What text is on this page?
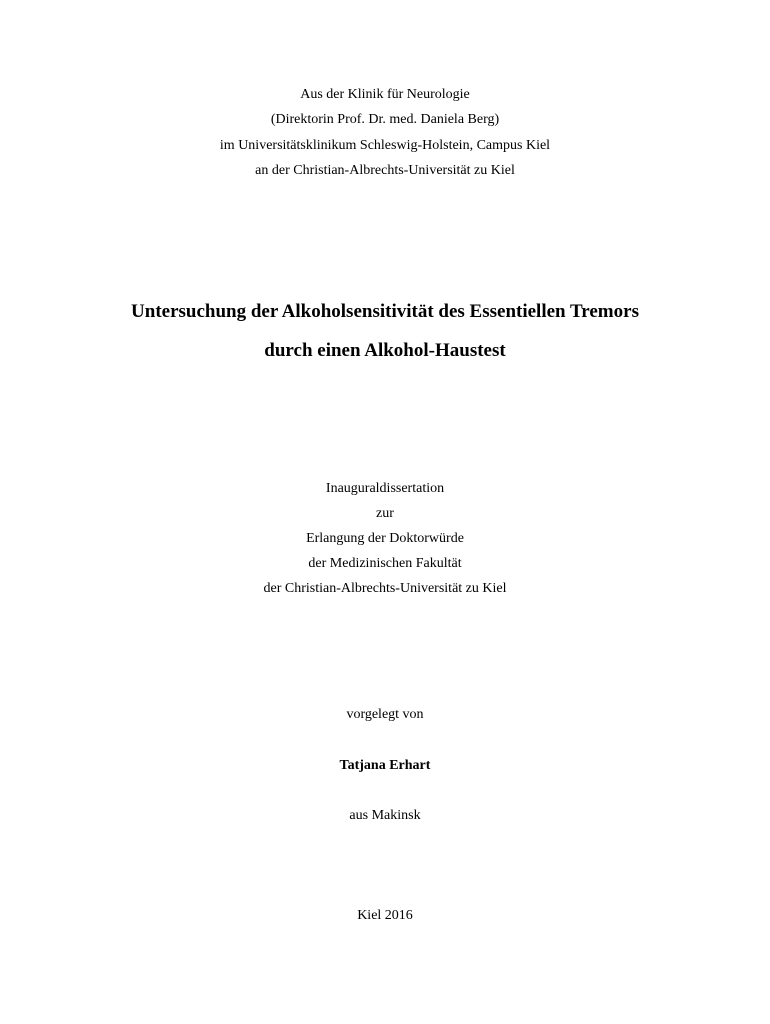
Aus der Klinik für Neurologie
(Direktorin Prof. Dr. med. Daniela Berg)
im Universitätsklinikum Schleswig-Holstein, Campus Kiel
an der Christian-Albrechts-Universität zu Kiel
Untersuchung der Alkoholsensitivität des Essentiellen Tremors
durch einen Alkohol-Haustest
Inauguraldissertation
zur
Erlangung der Doktorwürde
der Medizinischen Fakultät
der Christian-Albrechts-Universität zu Kiel
vorgelegt von
Tatjana Erhart
aus Makinsk
Kiel 2016
